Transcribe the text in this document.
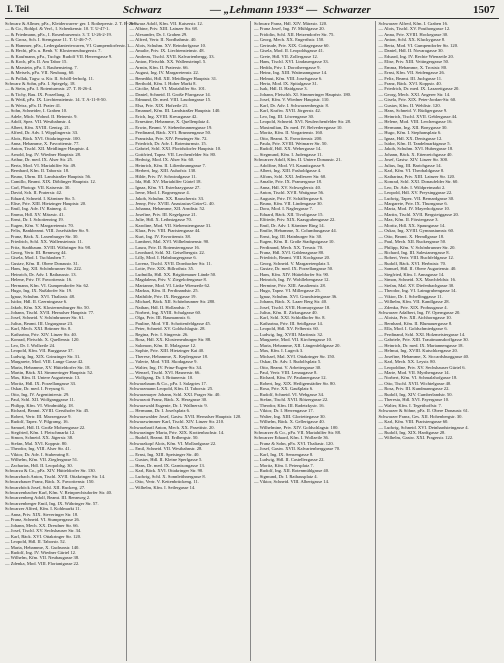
I. Teil	Schwarz	— „Lehmann 1933“ — Schwarzer	1507
Schwarz & Allmer, pFa., Kleiderwaren- ger. I. Rotheperstr. 2. T. B-26-1.
— & Co., Rohlpf. & Verf., I. Schenkenstr. 10. T. U-47-1.
— & Friedmann, pFa., I. Rosenbursenstr. 3. T. U-26-2-19.
— & Grosz, Sch. I. Sterngasse 11. T. U-46-7-7.
— & Hammer, pFa., Ledergalanteriewaren, VI. Gumpendorferstr. 1.
— & Hecht, pFa. u. Benh. V. Klosterneuburgerstr. 7.
— & Kaufmann, pFa., Tuchgr. Rudolf VII. Herrengasse 9.
— & Koch, pFa. II. Am Tabor 15.
— & Marstein, pFa. I. Rauhensteing. 7.
— & Meisels, pFa. VII. Neubaug. 60.
— & Pollak, Tagw. u. Ktr. II. Schöll-lerhofg. 11.
Schwarz & Sohn, pFa. I. Spiegelg. 18.
— & Stein, pFa. I. Rotenturmstr. 27. T. R-26-4.
— & Tichy, Bau. IX. Porzellang. 2.
— & Weiß, pFa. IX. Liechtensteinstr. 14. T. A-11-8-50.
— & Weisz, pFa. II. Prater 41.
— Sohn, Schneider, I. Graben 10.
— Adele, Mich. Wohnd. II. Heinestr. 9.
— Adolf, Spez. VII. Westbahnstr. 4.
— Albert, Kfm. XVIII. Gentzg. 21.
— Alfred, Dr. Adv. I. Wipplingerstr. 33.
— Alois, Bäck. XVI. Ottakringerstr. 100.
— Anna, Hebamme, X. Favoritenstr. 77.
— Anton, Tischl. XII. Meidlinger Hauptstr. 4.
— Arnold, Ing. IV. Wiedner Hauptstr. 28.
— Arthur, Dr. med. IX. Alser Str. 25.
— Berta, Mod. VI. Mariahilfer Str. 49.
— Bernhard, Kfm. II. Taborstr. 18.
— Bruno, Uhrm. III. Landstraßer Hauptstr. 56.
— Camillo, Beamt. XIX. Döblinger Hauptstr. 12.
— Carl, Photogr. VII. Kaiserstr. 30.
— David, Sch. II. Praterstr. 42.
— Eduard, Schneid. I. Kärntner Str. 5.
— Elise, Priv. XIII. Hietzinger Hauptstr. 20.
— Emil, Ing. Adv. IV. Rainerg. 4.
— Emma, Hdl. XV. Märzstr. 41.
— Ernst, Dr. I. Schottenring 19.
— Eugen, Kfm. V. Margaretenstr. 70.
— Felix, Bankbeamt. VIII. Josefstädter Str. 9.
— Franz, Bäck. X. Laxenburger Str. 30.
— Friedrich, Schl. XX. Wallensteinstr. 11.
— Fritz, Stadtbaum. XVIII. Währinger Str. 98.
— Georg, Vertr. III. Rennweg 44.
— Gisela, Mod. I. Tuchlauben 7.
— Gustav, Kfm. II. Obere Donaustr. 31.
— Hans, Ing. XII. Schönbrunner Str. 222.
— Heinrich, Dr. Adv. I. Rathausstr. 13.
— Helene, Priv. IV. Favoritenstr. 16.
— Hermann, Kfm. VI. Gumpendorfer Str. 62.
— Hugo, Ing. IX. Nußdorfer Str. 19.
— Ignaz, Schuhm. XVI. Thaliastr. 48.
— Isidor, Hdl. II. Czerningasse 6.
— Jakob, Kfm. XX. Klosterneuburger Str. 50.
— Johann, Tischl. XVII. Hernalser Hauptstr. 77.
— Josef, Schneid. V. Schönbrunner Str. 61.
— Julius, Beamt. III. Ungargasse 23.
— Karl, Mech. XXI. Brünner Str. 8.
— Katharina, Priv. XIV. Linzer Str. 40.
— Konrad, Fleischh. X. Quellenstr. 120.
— Leo, Dr. I. Wollzeile 24.
— Leopold, Kfm. VII. Burggasse 37.
— Ludwig, Ing. XIX. Grinzinger Str. 31.
— Margarete, Mod. VIII. Lange Gasse 42.
— Maria, Hebamme, XV. Hütteldorfer Str. 18.
— Martin, Bäck. XI. Simmeringer Hauptstr. 52.
— Max, Kfm. II. Untere Augartenstr. 13.
— Moritz, Hdl. IX. Porzellangasse 33.
— Oskar, Dr. med. I. Freyung 6.
— Otto, Ing. IV. Argentinierstr. 29.
— Paul, Schl. XII. Wolfganggasse 11.
— Philipp, Kfm. VI. Windmühlg. 18.
— Richard, Beamt. XVIII. Gersthofer Str. 45.
— Robert, Vertr. III. Marxergasse 9.
— Rudolf, Tapez. V. Pilgramg. 16.
— Samuel, Hdl. II. Große Mohrengasse 22.
— Siegfried, Kfm. I. Fleischmarkt 12.
— Simon, Schneid. XX. Jägerstr. 38.
— Stefan, Mal. XVI. Koppstr. 80.
— Theodor, Ing. VIII. Alser Str. 41.
— Viktor, Dr. Adv. I. Stubenring 8.
— Wilhelm, Kfm. VII. Zieglergasse 51.
— Zacharias, Hdl. II. Leopoldsg. 30.
Schwarza & Co., pFa. XIV. Hütteldorfer Str. 130.
Schwarzbach Anton, Tischl. XVII. Ottakringer Str. 14.
Schwarzbauer Franz, Bäck. X. Favoritenstr. 150.
Schwarzböck Josef, Schl. XII. Ruckerg. 27.
Schwarzenbacher Karl, Kfm. V. Reinprechtsdorfer Str. 40.
Schwarzenberg Adolf, Beamt. III. Rennweg 2.
Schwarzenberger Emil, Ing. IX. Währinger Str. 57.
Schwarzer Alfred, Kfm. I. Kohlmarkt 11.
— Anna, Priv. XIX. Sieveringer Str. 18.
— Franz, Schneid. VI. Stumpergasse 26.
— Johann, Mech. XX. Dresdner Str. 66.
— Josef, Tischl. XV. Sechshauser Str. 34.
— Karl, Bäck. XVI. Ottakringer Str. 120.
— Leopold, Hdl. II. Taborstr. 52.
— Maria, Hebamme, X. Gudrunstr. 140.
— Rudolf, Ing. IV. Wiedner Gürtel 12.
— Wilhelm, Kfm. VII. Neubaugasse 38.
— Zdenka, Mod. VIII. Florianigasse 22.
Schwarz Adolf, Kfm. VII. Kaiserstr. 12.
— Albine, Priv. XIII. Lainzer Str. 68.
— Alexander, Dr. I. Graben 29.
— Alfred, Vertr. II. Nordbahnstr. 40.
— Alois, Schuhm. XV. Reindorfgasse 10.
— Amalie, Priv. IX. Liechtensteinstr. 48.
— Andreas, Tischl. XVII. Kalvarienbergg. 33.
— Anton, Fleischh. XX. Wallensteinpl. 5.
— Armin, Kfm. II. Praterstr. 66.
— August, Ing. IV. Margaretenstr. 22.
— Benedikt, Hdl. XII. Meidlinger Hauptstr. 31.
— Berthold, Kfm. I. Hoher Markt 8.
— Cäcilie, Mod. VI. Mariahilfer Str. 101.
— Daniel, Schneid. II. Große Pfarrgasse 14.
— Edmund, Dr. med. VIII. Laudongasse 15.
— Elsa, Priv. XIX. Hofzeile 21.
— Emanuel, Kfm. III. Landstraßer Hauptstr. 140.
— Erich, Ing. XVIII. Kreuzgasse 42.
— Ernestine, Hebamme, X. Quellenplatz 4.
— Erwin, Beamt. V. Siebenbrunnengasse 19.
— Ferdinand, Bäck. XVI. Brunnengasse 50.
— Franziska, Priv. XIV. Penzinger Str. 72.
— Friedrich, Dr. Adv. I. Rotenturmstr. 15.
— Gabriel, Schl. XXI. Floridsdorfer Hauptstr. 10.
— Gottfried, Tapez. VII. Lerchenfelder Str. 80.
— Hedwig, Mod. IX. Alser Str. 60.
— Heinrich, Kfm. II. Lilienbrunngasse 7.
— Herbert, Ing. XIII. Auhofstr. 130.
— Hilde, Priv. IV. Schwindgasse 11.
— Ida, Hdl. XV. Mariahilfer Gürtel 18.
— Ignaz, Kfm. VI. Esterhazygasse 27.
— Irene, Mod. I. Bognergasse 4.
— Jakob, Schuhm. XX. Rauscherstr. 33.
— Jenny, Priv. XVIII. Anastasius-Grün-G. 40.
— Johanna, Hebamme, XII. Arndtstr. 52.
— Josefine, Priv. III. Kegelgasse 21.
— Julie, Hdl. X. Leibnizgasse 70.
— Karoline, Mod. VII. Siebensterngasse 31.
— Klara, Priv. VIII. Piaristengasse 44.
— Kurt, Ing. IV. Favoritenstr. 38.
— Lambert, Mal. XVI. Wilhelminenstr. 90.
— Laura, Priv. II. Rotensterngasse 16.
— Leonhard, Schl. XI. Geiselbergstr. 22.
— Lilly, Mod. I. Habsburgergasse 6.
— Lorenz, Tischl. XVII. Dornbacher Str. 11.
— Lotte, Priv. XIX. Billrothstr. 35.
— Ludmilla, Hdl. XX. Brigittenauer Lände 50.
— Magdalena, Priv. V. Ziegelofengasse 8.
— Marianne, Mod. VI. Linke Wienzeile 62.
— Markus, Kfm. II. Ferdinandstr. 25.
— Mathilde, Priv. IX. Berggasse 19.
— Michael, Bäck. XII. Schönbrunner Str. 280.
— Nathan, Hdl. II. Hollandstr. 7.
— Norbert, Ing. XVIII. Schulgasse 60.
— Olga, Priv. III. Baumannstr. 6.
— Pauline, Mod. VII. Schottenfeldgasse 45.
— Peter, Schneid. XV. Goldschlagstr. 28.
— Regina, Priv. I. Singerstr. 26.
— Rosa, Hdl. XX. Klosterneuburger Str. 88.
— Salomon, Kfm. II. Malzgasse 12.
— Sophie, Priv. XIII. Hietzinger Kai 40.
— Therese, Hebamme, X. Keplergasse 18.
— Valerie, Mod. VIII. Skodagasse 9.
— Walter, Ing. IV. Prinz-Eugen-Str. 34.
— Wenzel, Tischl. XVI. Hasnerstr. 66.
— Wolfgang, Dr. I. Bräunerstr. 10.
Schwarzbaum & Co., pFa. I. Salzgries 17.
Schwarzmann Leopold, Kfm. II. Taborstr. 25.
Schwarzmayer Johann, Schl. XXI. Prager Str. 40.
Schwarzott Franz, Bäck. X. Herzgasse 30.
Schwarzwald Eugenie, Dr. I. Wallnerstr. 9.
— Hermann, Dr. I. Josefsplatz 6.
Schwarzwalder Josef, Gastw. XVII. Hernalser Hauptstr. 120.
Schwarzwimmer Karl, Tischl. XIV. Linzer Str. 210.
Schwarzbartl Anton, Mech. XX. Pasettistr. 20.
Schwarzinger Maria, Priv. XIX. Krottenbachstr. 14.
— Rudolf, Beamt. III. Erdbergstr. 50.
Schwarzkopf Alois, Kfm. VI. Mollardgasse 22.
— Emil, Schneid. VII. Westbahnstr. 28.
— Ernst, Ing. XIII. Speisinger Str. 40.
— Gustav, Hdl. II. Kleine Sperlgasse 5.
— Hans, Dr. med. IX. Garnisongasse 13.
— Karl, Bäck. XVI. Ottakringer Str. 90.
— Ludwig, Schl. X. Sonnleithnergasse 8.
— Otto, Vertr. V. Kettenbrückeng. 11.
— Wilhelm, Kfm. I. Seilergasse 14.
Schwarz Franz, Hdl. XIV. Märzstr. 120.
— Franz Josef, Ing. IV. Mühlgasse 20.
— Fridolin, Schl. XII. Hetzendorfer Str. 75.
— Georg, Mech. XX. Engerthstr. 150.
— Gertrude, Priv. XIX. Cottagegasse 60.
— Gisela, Mod. II. Leopoldsgasse 41.
— Grete, Hdl. VII. Zollergasse 12.
— Hans, Tischl. XVI. Lindauergasse 33.
— Hedda, Priv. I. Dorotheergasse 9.
— Heinz, Ing. XIII. Wattmanngasse 14.
— Helmut, Kfm. VIII. Josefsgasse 6.
— Herta, Mod. IX. Spitalgasse 31.
— Isak, Hdl. II. Haidgasse 3.
— Johann, Fleischh. XI. Simmeringer Hauptstr. 180.
— Josef, Kfm. V. Wiedner Hauptstr. 110.
— Karl, Dr. Adv. I. Schwarzenbergstr. 8.
— Karl, Kraftw. XVII. Jörgerstr. 42.
— Leo, Ing. III. Löwengasse 30.
— Leopold, Schneid. XVI. Neulerchenfelder Str. 28.
— Maximilian, Dr. med. IV. Belvederegasse 10.
— Moritz, Kfm. II. Vorgartenstr. 160.
— Otto, Beamt. X. Favoritenstr. 200.
— Paula, Priv. XVIII. Weimarer Str. 50.
— Rudolf, Hdl. XX. Webergasse 14.
— Siegmund, Kfm. I. Judengasse 11.
Schwarzer Adolf, Kfm. II. Untere Donaustr. 21.
— Adolfine, Mod. VI. Kaunitzgasse 9.
— Albert, Ing. XIII. Fasholdgasse 4.
— Alfons, Schl. XXI. Jedleseer Str. 60.
— Amalie, Priv. IX. Pramergasse 18.
— Anna, Hdl. XV. Schweglerstr. 40.
— Anton, Tischl. XVII. Wattgasse 56.
— Auguste, Priv. IV. Schäffergasse 6.
— Bruno, Kfm. VII. Lindengasse 30.
— Dora, Mod. I. Naglergasse 7.
— Eduard, Bäck. XII. Tivoligasse 15.
— Elfriede, Priv. XIX. Kaasgrabengasse 22.
— Emil, Dr. Adv. I. Kärntner Ring 14.
— Emilie, Hebamme, X. Columbusgasse 44.
— Ernst, Ing. III. Hainburger Str. 30.
— Eugen, Kfm. II. Große Stadtgutgasse 10.
— Ferdinand, Mech. XX. Treustr. 70.
— Franz, Hdl. XVI. Gablenzgasse 80.
— Friedrich, Beamt. VIII. Kochgasse 20.
— Georg, Schneid. V. Margaretenplatz 3.
— Gustav, Dr. med. IX. Porzellangasse 50.
— Hans, Kfm. XIV. Hütteldorfer Str. 90.
— Heinrich, Ing. IV. Wohllebengasse 12.
— Hermine, Priv. XIII. Amalienstr. 28.
— Hugo, Tapez. VI. Millergasse 25.
— Ignaz, Schuhm. XVI. Grundsteingasse 36.
— Johann, Bäck. X. Laaer Berg Str. 40.
— Josef, Tischl. XVII. Hormayrgasse 18.
— Julius, Kfm. II. Zirkusgasse 40.
— Karl, Schl. XXI. Schloßhofer Str. 8.
— Katharina, Priv. III. Seidlgasse 14.
— Leopold, Hdl. XV. Felberstr. 60.
— Ludwig, Ing. XVIII. Martinstr. 32.
— Margarete, Mod. VII. Kirchengasse 10.
— Maria, Hebamme, XII. Längenfeldgasse 20.
— Max, Kfm. I. Lugeck 3.
— Michael, Mal. XVI. Ottakringer Str. 150.
— Oskar, Dr. Adv. I. Rudolfsplatz 5.
— Otto, Beamt. V. Arbeitergasse 30.
— Paul, Vertr. VIII. Lenaugasse 8.
— Richard, Kfm. IV. Paulanergasse 12.
— Robert, Ing. XIX. Heiligenstädter Str. 80.
— Rosa, Priv. XX. Gaußplatz 6.
— Rudolf, Schneid. VI. Webgasse 34.
— Stefan, Tischl. XVII. Rötzergasse 22.
— Theodor, Kfm. III. Radetzkystr. 16.
— Viktor, Dr. I. Herrengasse 17.
— Walter, Ing. XIII. Gloriettegasse 30.
— Wilhelm, Bäck. X. Gellertgasse 40.
— Wilhelmine, Priv. XIV. Goldschlagstr. 100.
Schwarzer & Co., pFa. VII. Mariahilfer Str. 88.
Schwarzer Eduard, Kfm. I. Wollzeile 36.
— Franz & Sohn, pFa. XVI. Thaliastr. 120.
— Josef, Gastw. XVII. Kalvarienberggasse 70.
— Karl, Ing. IX. Sensengasse 8.
— Ludwig, Hdl. II. Castellezgasse 22.
— Moritz, Kfm. I. Petersplatz 7.
— Rudolf, Ing. XII. Rotenmühlgasse 40.
— Sigmund, Dr. I. Rathausplatz 4.
— Viktor, Schneid. VIII. Albertgasse 14.
Schwarzer Alfred, Kfm. I. Graben 16.
— Alois, Tischl. XV. Pouthongasse 12.
— Anna, Priv. XVIII. Hockegasse 30.
— Anton, Schl. XX. Kluckygasse 8.
— Berta, Mod. VI. Gumpendorfer Str. 120.
— Daniel, Hdl. II. Novaragasse 30.
— Eduard, Ing. IV. Rechte Wienzeile 20.
— Elise, Priv. XIII. Veitingergasse 50.
— Emma, Hebamme, X. Troststr. 80.
— Ernst, Kfm. VII. Seidengasse 26.
— Felix, Beamt. III. Juchgasse 11.
— Franz, Bäck. XVI. Koppstr. 40.
— Friedrich, Dr. med. IX. Lazarettgasse 20.
— Georg, Mech. XXI. Angerer Str. 14.
— Gisela, Priv. XIX. Peter-Jordan-Str. 60.
— Gustav, Kfm. II. Wehlistr. 120.
— Hans, Schneid. V. Rüdigergasse 9.
— Heinrich, Tischl. XVII. Geblergasse 44.
— Helene, Mod. VIII. Lerchengasse 16.
— Hermann, Ing. XII. Bonygasse 30.
— Hugo, Kfm. I. Stephansplatz 6.
— Ignaz, Hdl. XX. Denisgasse 12.
— Isidor, Kfm. II. Tandelmarktgasse 5.
— Jakob, Schuhm. XVI. Hubergasse 18.
— Johann, Bäck. X. Ettenreichgasse 40.
— Josef, Gastw. XIV. Linzer Str. 300.
— Julius, Ing. III. Barichgasse 14.
— Karl, Kfm. VI. Theobaldgasse 8.
— Katharina, Priv. XIII. Lainzer Str. 120.
— Konrad, Schl. XXI. Donaufelder Str. 60.
— Leo, Dr. Adv. I. Wildpretmarkt 2.
— Leopold, Hdl. XV. Preysinggasse 22.
— Ludwig, Tapez. VII. Bernardgasse 30.
— Margarete, Priv. IX. Thurngasse 6.
— Maria, Mod. IV. Mayerhofgasse 10.
— Martin, Tischl. XVII. Bergsteiggasse 20.
— Max, Kfm. II. Förstergasse 3.
— Moritz, Hdl. XX. Spaungasse 14.
— Oskar, Ing. XVIII. Gymnasiumstr. 60.
— Otto, Beamt. X. Herndlgasse 18.
— Paul, Mech. XII. Ruckergasse 50.
— Philipp, Kfm. V. Schönbrunner Str. 20.
— Richard, Ing. III. Salesianergasse 8.
— Robert, Vertr. VIII. Buchfeldgasse 12.
— Rudolf, Bäck. XVI. Herbststr. 70.
— Samuel, Hdl. II. Obere Augartenstr. 40.
— Siegfried, Kfm. I. Annagasse 14.
— Simon, Schneid. XX. Marchfeldstr. 16.
— Stefan, Mal. XV. Diefenbachgasse 30.
— Theodor, Ing. VI. Laimgrubengasse 14.
— Viktor, Dr. I. Schellinggasse 11.
— Wilhelm, Kfm. VII. Kandlgasse 28.
— Zdenka, Priv. XIX. Probusgasse 4.
Schwarzer Adalbert, Ing. IV. Operngasse 20.
— Aloisia, Priv. XII. Aichhorngasse 10.
— Bernhard, Kfm. II. Blumauergasse 8.
— Ella, Mod. I. Goldschmiedgasse 6.
— Ferdinand, Schl. XXI. Holzmeistergasse 14.
— Gabriele, Priv. XIII. Trauttmansdorffgasse 30.
— Heinrich, Dr. med. IX. Mariannengasse 18.
— Helmut, Ing. XVIII. Kutschkergasse 20.
— Josefine, Hebamme, X. Siccardsburggasse 40.
— Karl, Mech. XX. Leystr. 80.
— Leopoldine, Priv. XV. Sechshauser Gürtel 6.
— Marie, Mod. VII. Myrthengasse 14.
— Norbert, Kfm. VI. Schmalzhofgasse 18.
— Otto, Tischl. XVII. Wichtelgasse 40.
— Rosa, Priv. III. Kundmanngasse 22.
— Rudolf, Ing. XIV. Cumberlandstr. 50.
— Theresia, Hdl. XVI. Payergasse 10.
— Walter, Kfm. I. Tegetthoffstr. 7.
Schwarzer & Söhne, pFa. II. Obere Donaustr. 61.
Schwarzer Franz, Ges. XII. Hohenbergstr. 30.
— Karl, Kfm. VIII. Piaristengasse 60.
— Ludwig, Schneid. XVI. Deinhardsteingasse 4.
— Rudolf, Ing. XIX. Hardtgasse 28.
— Wilhelm, Gastw. XXI. Pragerstr. 122.
